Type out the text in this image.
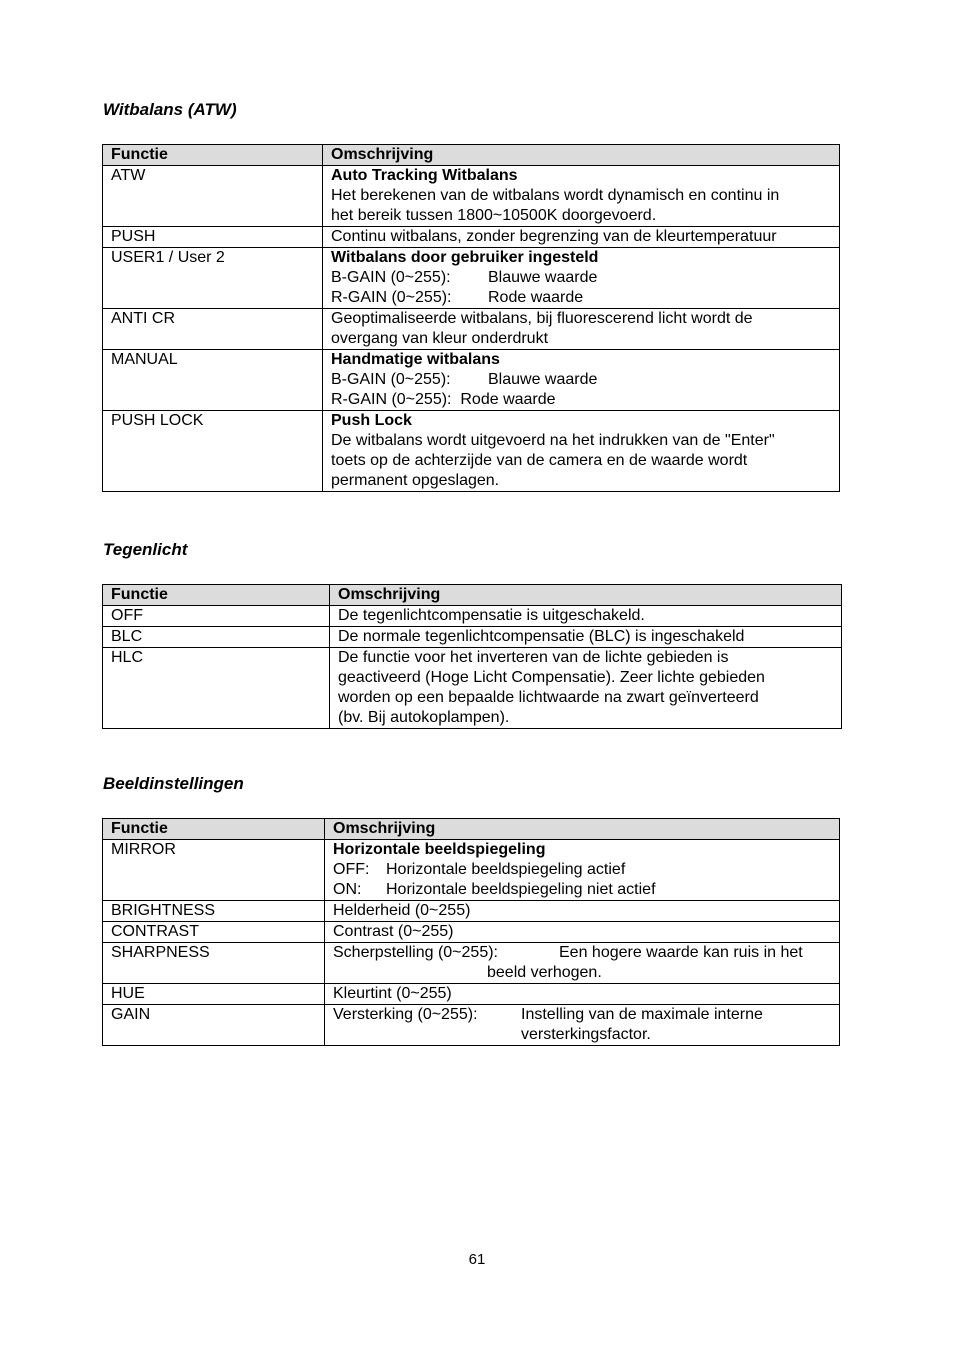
Witbalans (ATW)
Functie	Omschrijving
ATW	Auto Tracking Witbalans
Het berekenen van de witbalans wordt dynamisch en continu in
het bereik tussen 1800~10500K doorgevoerd.

PUSH	Continu witbalans, zonder begrenzing van de kleurtemperatuur

USER1 / User 2	Witbalans door gebruiker ingesteld
B-GAIN (0~255): Blauwe waarde
R-GAIN (0~255): Rode waarde

ANTI CR	Geoptimaliseerde witbalans, bij fluorescerend licht wordt de
overgang van kleur onderdrukt

MANUAL	Handmatige witbalans
B-GAIN (0~255): Blauwe waarde
R-GAIN (0~255):  Rode waarde

PUSH LOCK	Push Lock
De witbalans wordt uitgevoerd na het indrukken van de "Enter"
toets op de achterzijde van de camera en de waarde wordt
permanent opgeslagen.
Tegenlicht
Functie	Omschrijving
OFF	De tegenlichtcompensatie is uitgeschakeld.

BLC	De normale tegenlichtcompensatie (BLC) is ingeschakeld

HLC	De functie voor het inverteren van de lichte gebieden is
geactiveerd (Hoge Licht Compensatie). Zeer lichte gebieden
worden op een bepaalde lichtwaarde na zwart geïnverteerd
(bv. Bij autokoplampen).
Beeldinstellingen
Functie	Omschrijving
MIRROR	Horizontale beeldspiegeling
OFF: Horizontale beeldspiegeling actief
ON: Horizontale beeldspiegeling niet actief

BRIGHTNESS	Helderheid (0~255)

CONTRAST	Contrast (0~255)

SHARPNESS	Scherpstelling (0~255): Een hogere waarde kan ruis in het beeld verhogen.

HUE	Kleurtint (0~255)

GAIN	Versterking (0~255): Instelling van de maximale interne versterkingsfactor.
61
